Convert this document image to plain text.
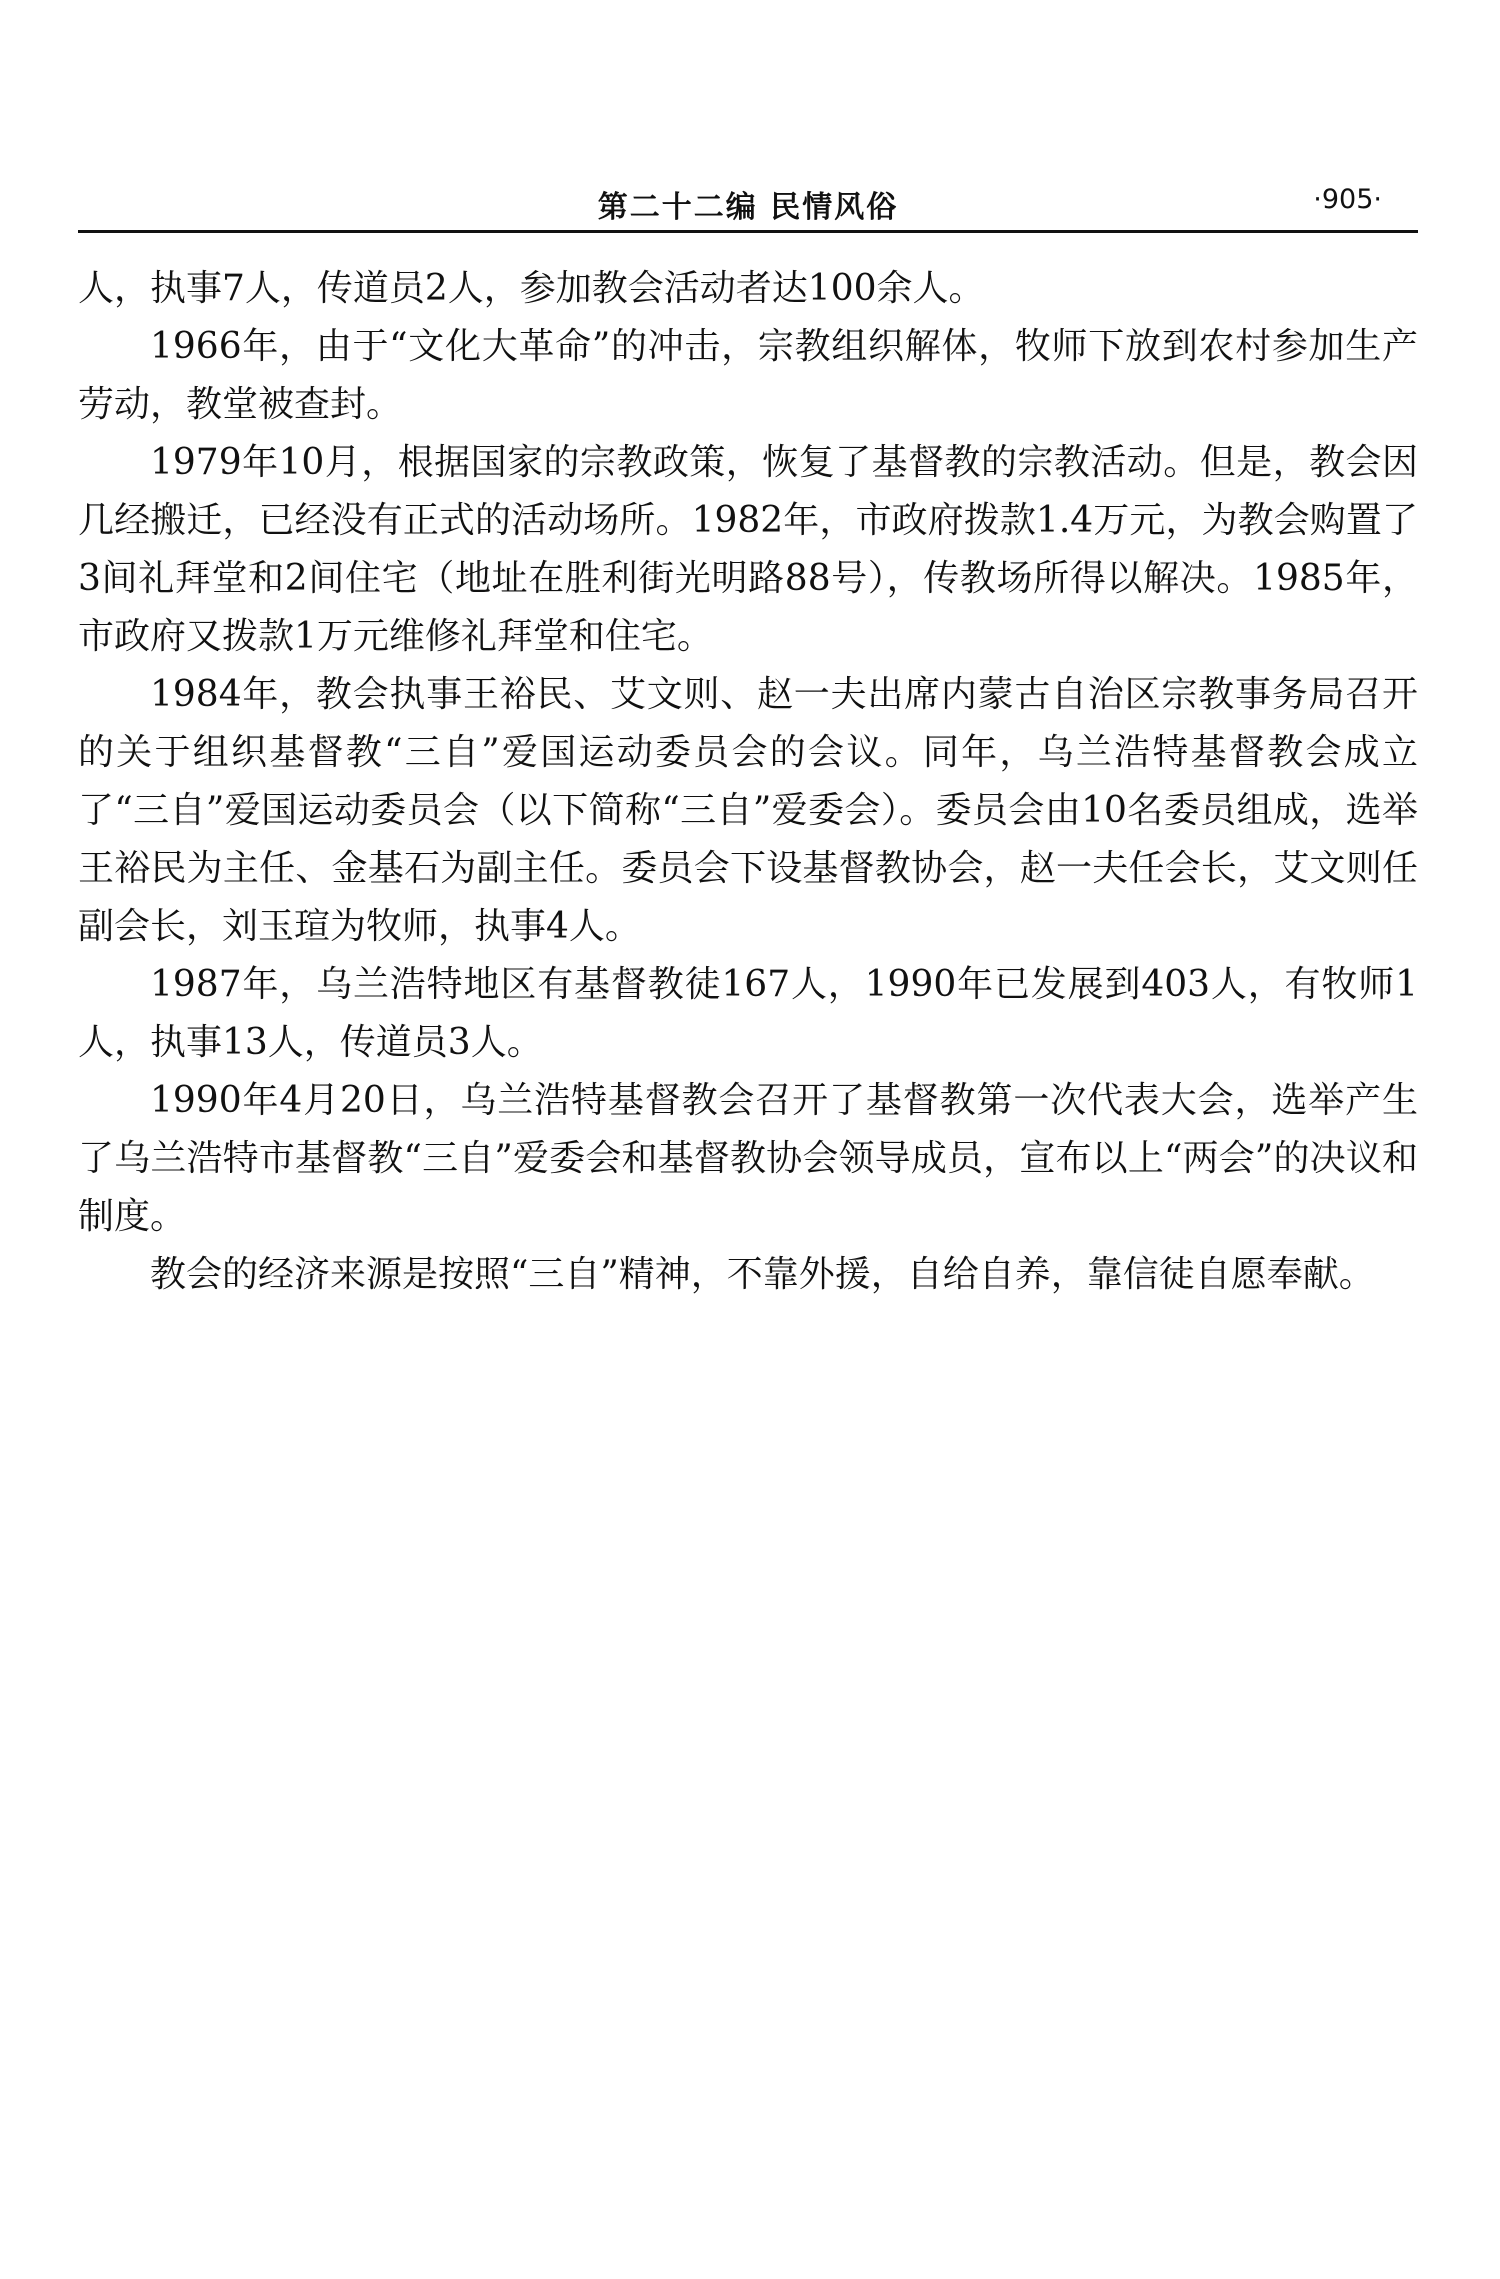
第二十二编 民情风俗	·905·

人，执事7人，传道员2人，参加教会活动者达100余人。

1966年，由于“文化大革命”的冲击，宗教组织解体，牧师下放到农村参加生产劳动，教堂被查封。

1979年10月，根据国家的宗教政策，恢复了基督教的宗教活动。但是，教会因几经搬迁，已经没有正式的活动场所。1982年，市政府拨款1.4万元，为教会购置了3间礼拜堂和2间住宅（地址在胜利街光明路88号），传教场所得以解决。1985年，市政府又拨款1万元维修礼拜堂和住宅。

1984年，教会执事王裕民、艾文则、赵一夫出席内蒙古自治区宗教事务局召开的关于组织基督教“三自”爱国运动委员会的会议。同年，乌兰浩特基督教会成立了“三自”爱国运动委员会（以下简称“三自”爱委会）。委员会由10名委员组成，选举王裕民为主任、金基石为副主任。委员会下设基督教协会，赵一夫任会长，艾文则任副会长，刘玉瑄为牧师，执事4人。

1987年，乌兰浩特地区有基督教徒167人，1990年已发展到403人，有牧师1人，执事13人，传道员3人。

1990年4月20日，乌兰浩特基督教会召开了基督教第一次代表大会，选举产生了乌兰浩特市基督教“三自”爱委会和基督教协会领导成员，宣布以上“两会”的决议和制度。

教会的经济来源是按照“三自”精神，不靠外援，自给自养，靠信徒自愿奉献。
